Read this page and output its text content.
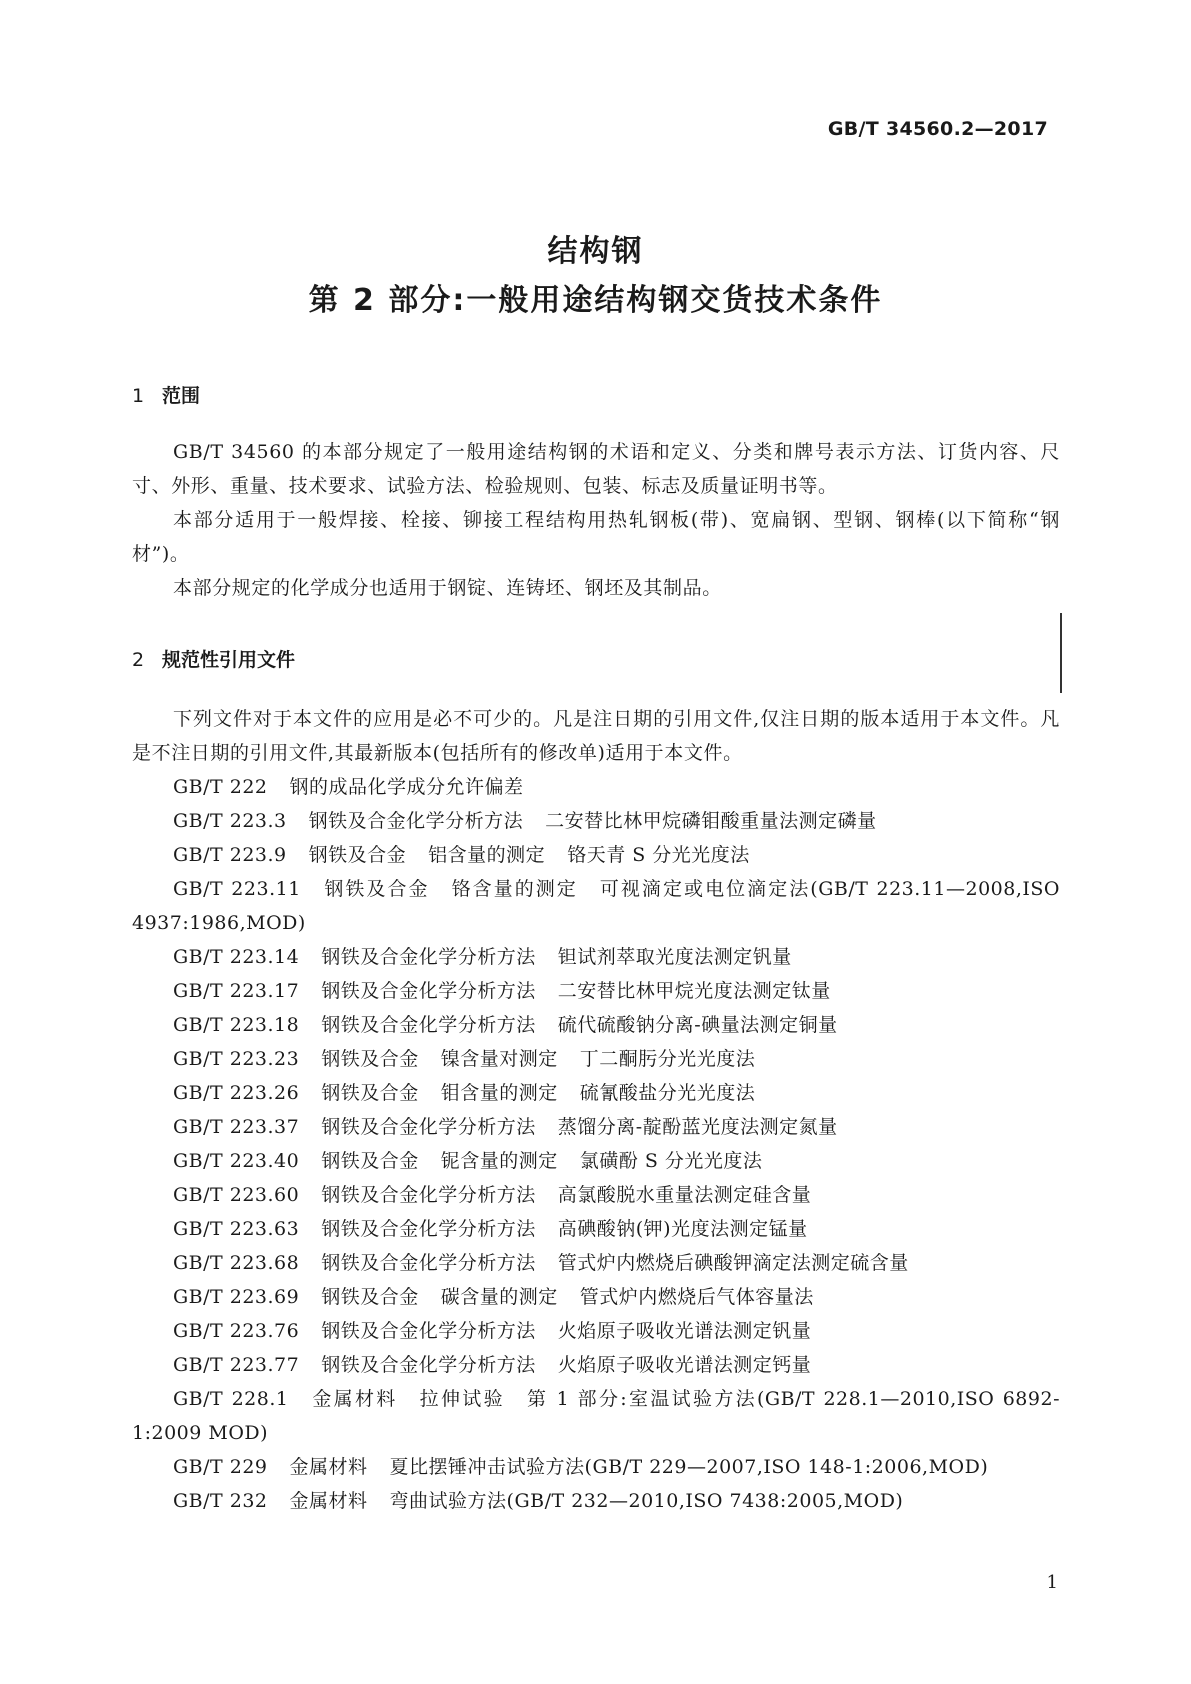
GB/T 34560.2—2017
结构钢
第 2 部分:一般用途结构钢交货技术条件
1 范围
GB/T 34560 的本部分规定了一般用途结构钢的术语和定义、分类和牌号表示方法、订货内容、尺寸、外形、重量、技术要求、试验方法、检验规则、包装、标志及质量证明书等。
本部分适用于一般焊接、栓接、铆接工程结构用热轧钢板(带)、宽扁钢、型钢、钢棒(以下简称“钢材”)。
本部分规定的化学成分也适用于钢锭、连铸坯、钢坯及其制品。
2 规范性引用文件
下列文件对于本文件的应用是必不可少的。凡是注日期的引用文件,仅注日期的版本适用于本文件。凡是不注日期的引用文件,其最新版本(包括所有的修改单)适用于本文件。
GB/T 222 钢的成品化学成分允许偏差
GB/T 223.3 钢铁及合金化学分析方法 二安替比林甲烷磷钼酸重量法测定磷量
GB/T 223.9 钢铁及合金 铝含量的测定 铬天青 S 分光光度法
GB/T 223.11 钢铁及合金 铬含量的测定 可视滴定或电位滴定法(GB/T 223.11—2008,ISO 4937:1986,MOD)
GB/T 223.14 钢铁及合金化学分析方法 钽试剂萃取光度法测定钒量
GB/T 223.17 钢铁及合金化学分析方法 二安替比林甲烷光度法测定钛量
GB/T 223.18 钢铁及合金化学分析方法 硫代硫酸钠分离-碘量法测定铜量
GB/T 223.23 钢铁及合金 镍含量对测定 丁二酮肟分光光度法
GB/T 223.26 钢铁及合金 钼含量的测定 硫氰酸盐分光光度法
GB/T 223.37 钢铁及合金化学分析方法 蒸馏分离-靛酚蓝光度法测定氮量
GB/T 223.40 钢铁及合金 铌含量的测定 氯磺酚 S 分光光度法
GB/T 223.60 钢铁及合金化学分析方法 高氯酸脱水重量法测定硅含量
GB/T 223.63 钢铁及合金化学分析方法 高碘酸钠(钾)光度法测定锰量
GB/T 223.68 钢铁及合金化学分析方法 管式炉内燃烧后碘酸钾滴定法测定硫含量
GB/T 223.69 钢铁及合金 碳含量的测定 管式炉内燃烧后气体容量法
GB/T 223.76 钢铁及合金化学分析方法 火焰原子吸收光谱法测定钒量
GB/T 223.77 钢铁及合金化学分析方法 火焰原子吸收光谱法测定钙量
GB/T 228.1 金属材料 拉伸试验 第 1 部分:室温试验方法(GB/T 228.1—2010,ISO 6892-1:2009 MOD)
GB/T 229 金属材料 夏比摆锤冲击试验方法(GB/T 229—2007,ISO 148-1:2006,MOD)
GB/T 232 金属材料 弯曲试验方法(GB/T 232—2010,ISO 7438:2005,MOD)
1
